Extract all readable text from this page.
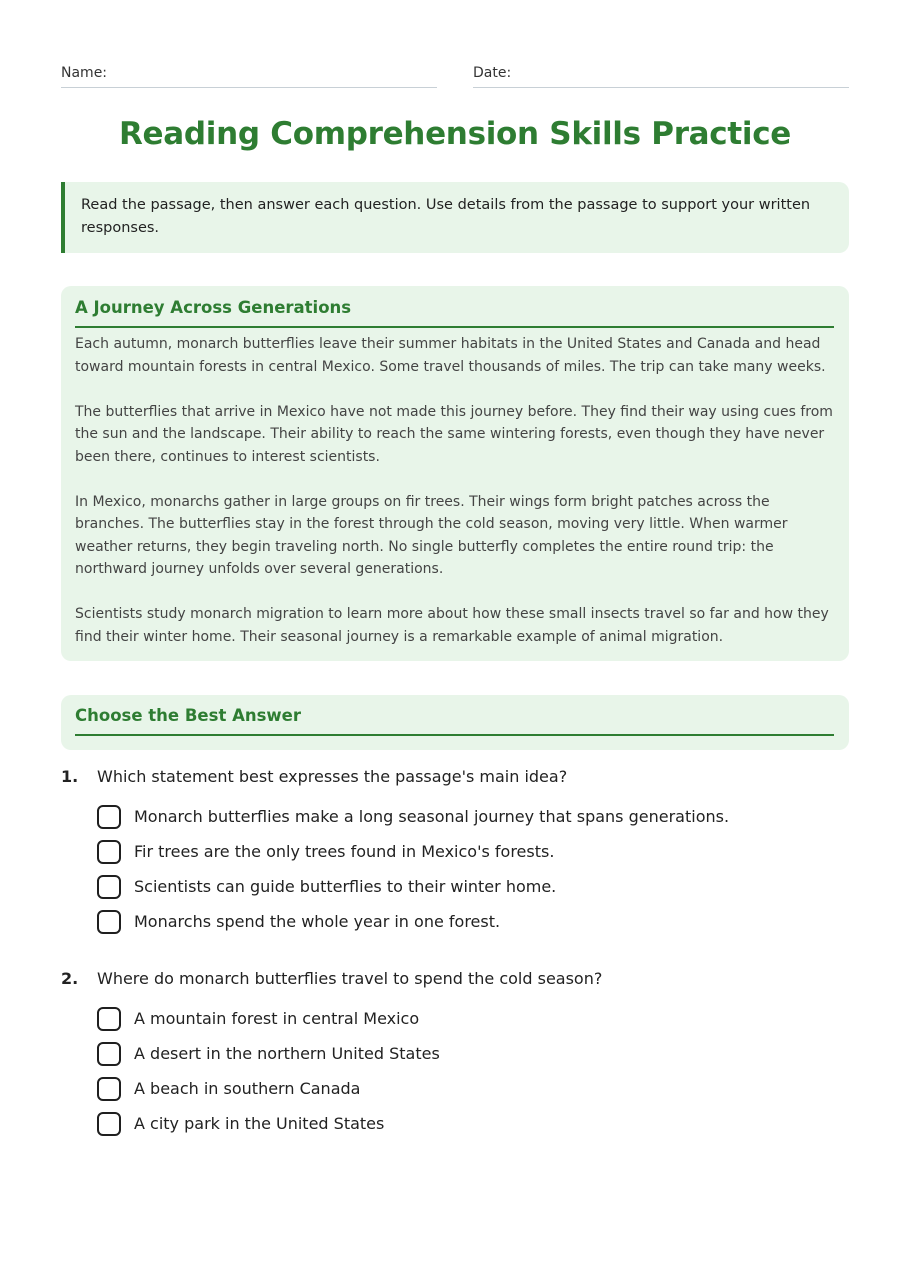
Name:	Date:
Reading Comprehension Skills Practice
Read the passage, then answer each question. Use details from the passage to support your written responses.
A Journey Across Generations

Each autumn, monarch butterflies leave their summer habitats in the United States and Canada and head toward mountain forests in central Mexico. Some travel thousands of miles. The trip can take many weeks.

The butterflies that arrive in Mexico have not made this journey before. They find their way using cues from the sun and the landscape. Their ability to reach the same wintering forests, even though they have never been there, continues to interest scientists.

In Mexico, monarchs gather in large groups on fir trees. Their wings form bright patches across the branches. The butterflies stay in the forest through the cold season, moving very little. When warmer weather returns, they begin traveling north. No single butterfly completes the entire round trip: the northward journey unfolds over several generations.

Scientists study monarch migration to learn more about how these small insects travel so far and how they find their winter home. Their seasonal journey is a remarkable example of animal migration.

Choose the Best Answer
1.	Which statement best expresses the passage's main idea?
Monarch butterflies make a long seasonal journey that spans generations.
Fir trees are the only trees found in Mexico's forests.
Scientists can guide butterflies to their winter home.
Monarchs spend the whole year in one forest.
2.	Where do monarch butterflies travel to spend the cold season?
A mountain forest in central Mexico
A desert in the northern United States
A beach in southern Canada
A city park in the United States
